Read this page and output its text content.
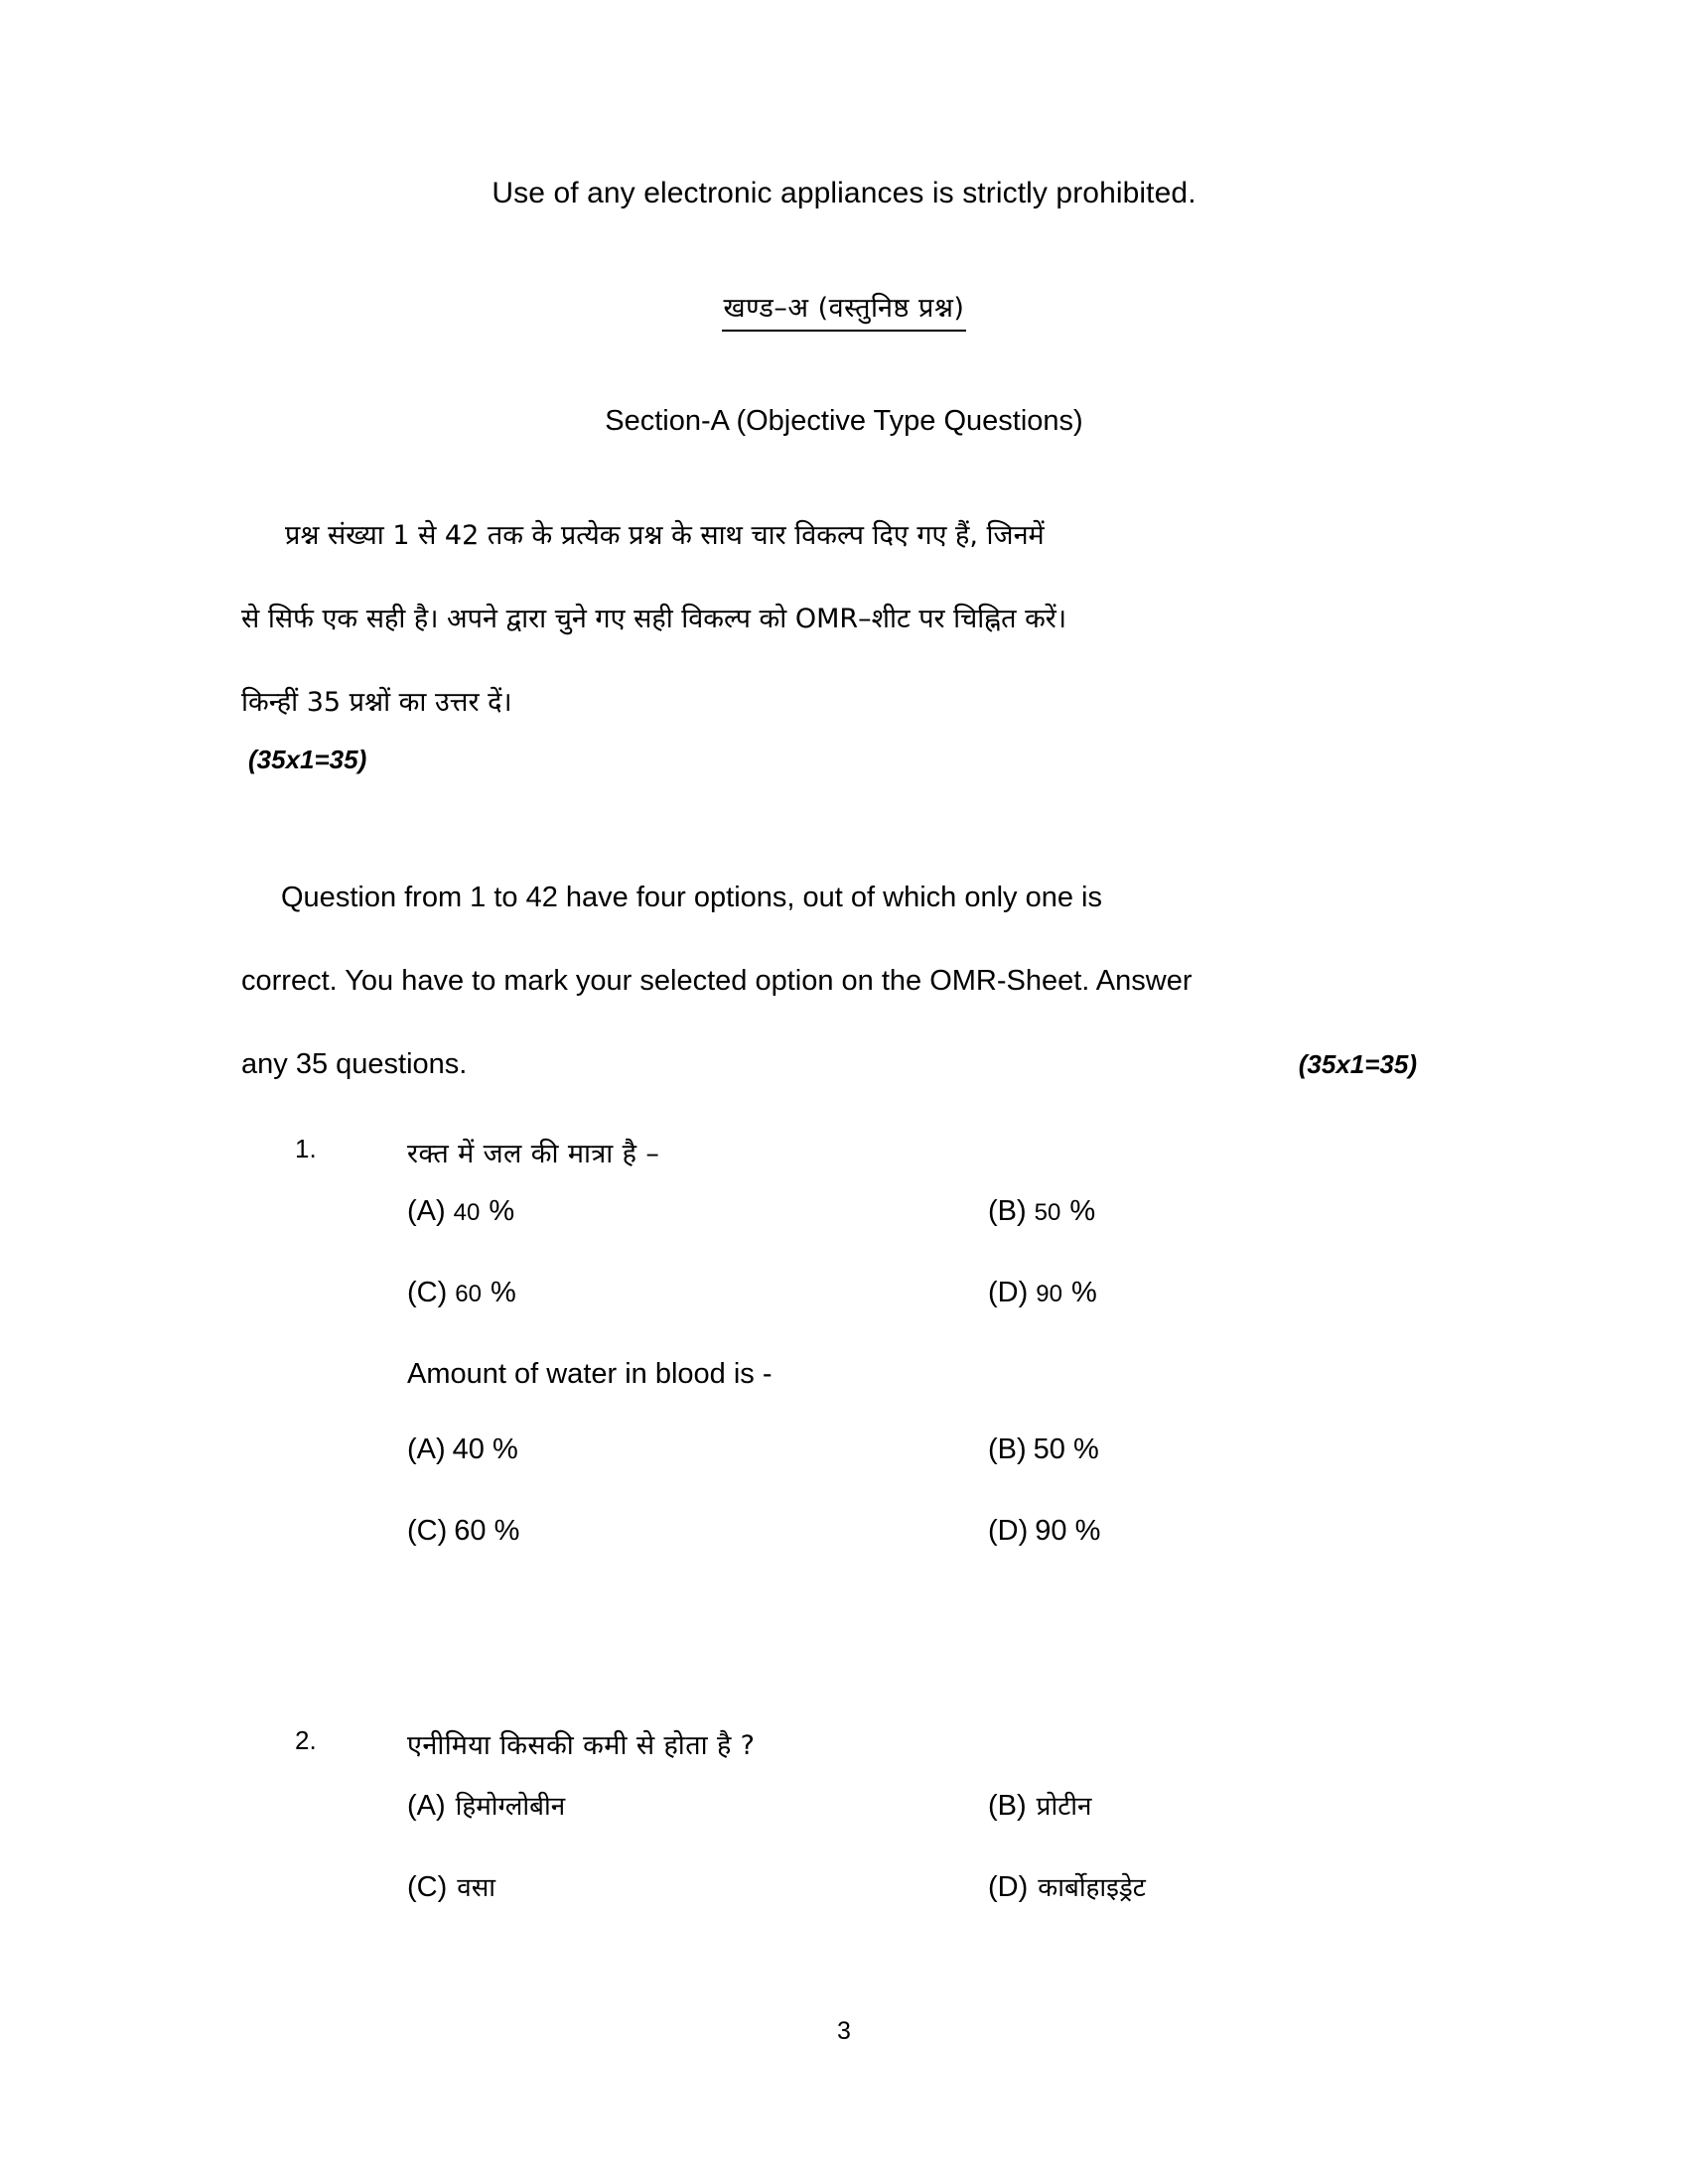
Use of any electronic appliances is strictly prohibited.
खण्ड–अ (वस्तुनिष्ठ प्रश्न)
Section-A (Objective Type Questions)
प्रश्न संख्या 1 से 42 तक के प्रत्येक प्रश्न के साथ चार विकल्प दिए गए हैं, जिनमें
से सिर्फ एक सही है। अपने द्वारा चुने गए सही विकल्प को OMR–शीट पर चिह्नित करें।
किन्हीं 35 प्रश्नों का उत्तर दें।
(35x1=35)
Question from 1 to 42 have four options, out of which only one is
correct. You have to mark your selected option on the OMR-Sheet. Answer
any 35 questions.	(35x1=35)
1.	रक्त में जल की मात्रा है –
(A) 40 %	(B) 50 %
(C) 60 %	(D) 90 %
Amount of water in blood is -
(A) 40 %	(B) 50 %
(C) 60 %	(D) 90 %
2.	एनीमिया किसकी कमी से होता है ?
(A) हिमोग्लोबीन	(B) प्रोटीन
(C) वसा	(D) कार्बोहाइड्रेट
3
